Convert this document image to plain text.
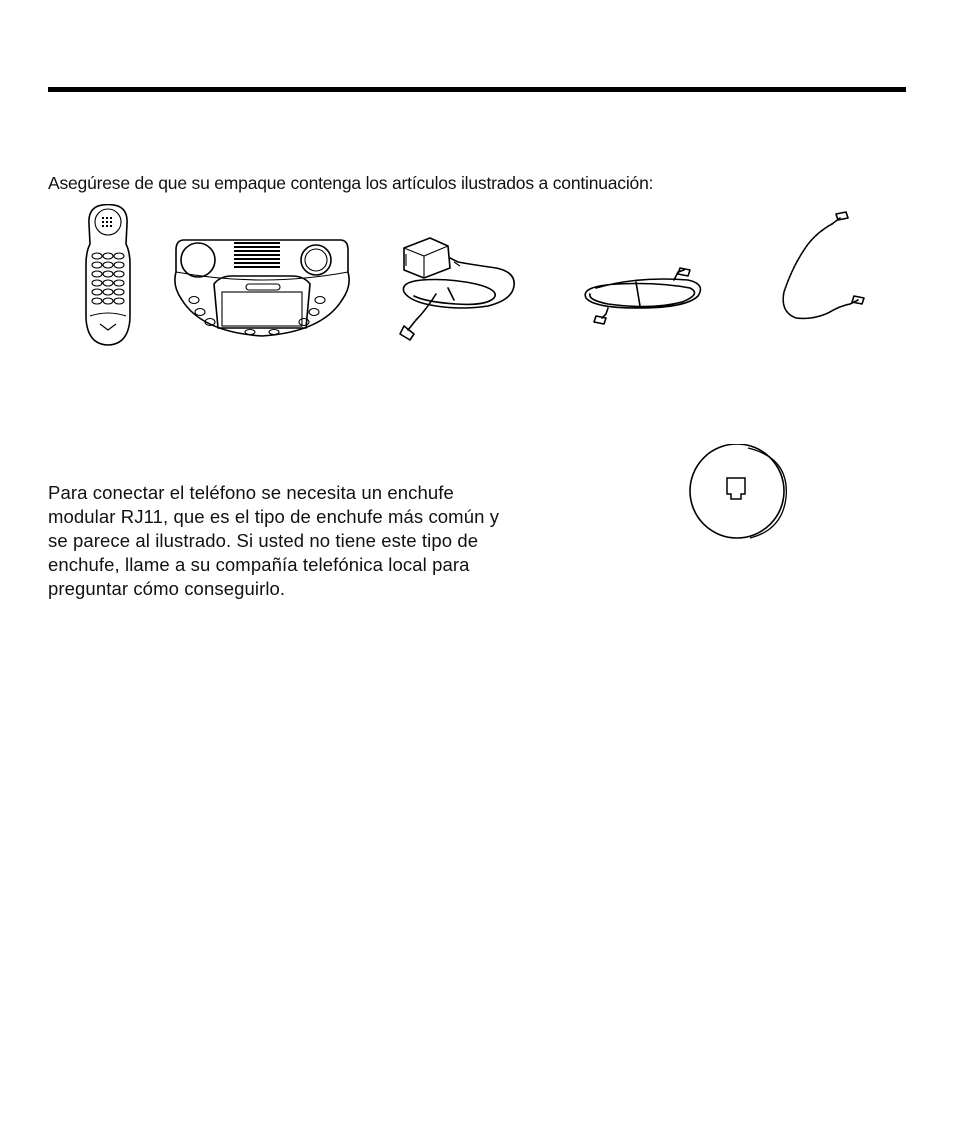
Asegúrese de que su empaque contenga los artículos ilustrados a continuación:
Para conectar el teléfono se necesita un enchufe
modular RJ11, que es el tipo de enchufe más común y
se parece al ilustrado. Si usted no tiene este tipo de
enchufe, llame a su compañía telefónica local para
preguntar cómo conseguirlo.
